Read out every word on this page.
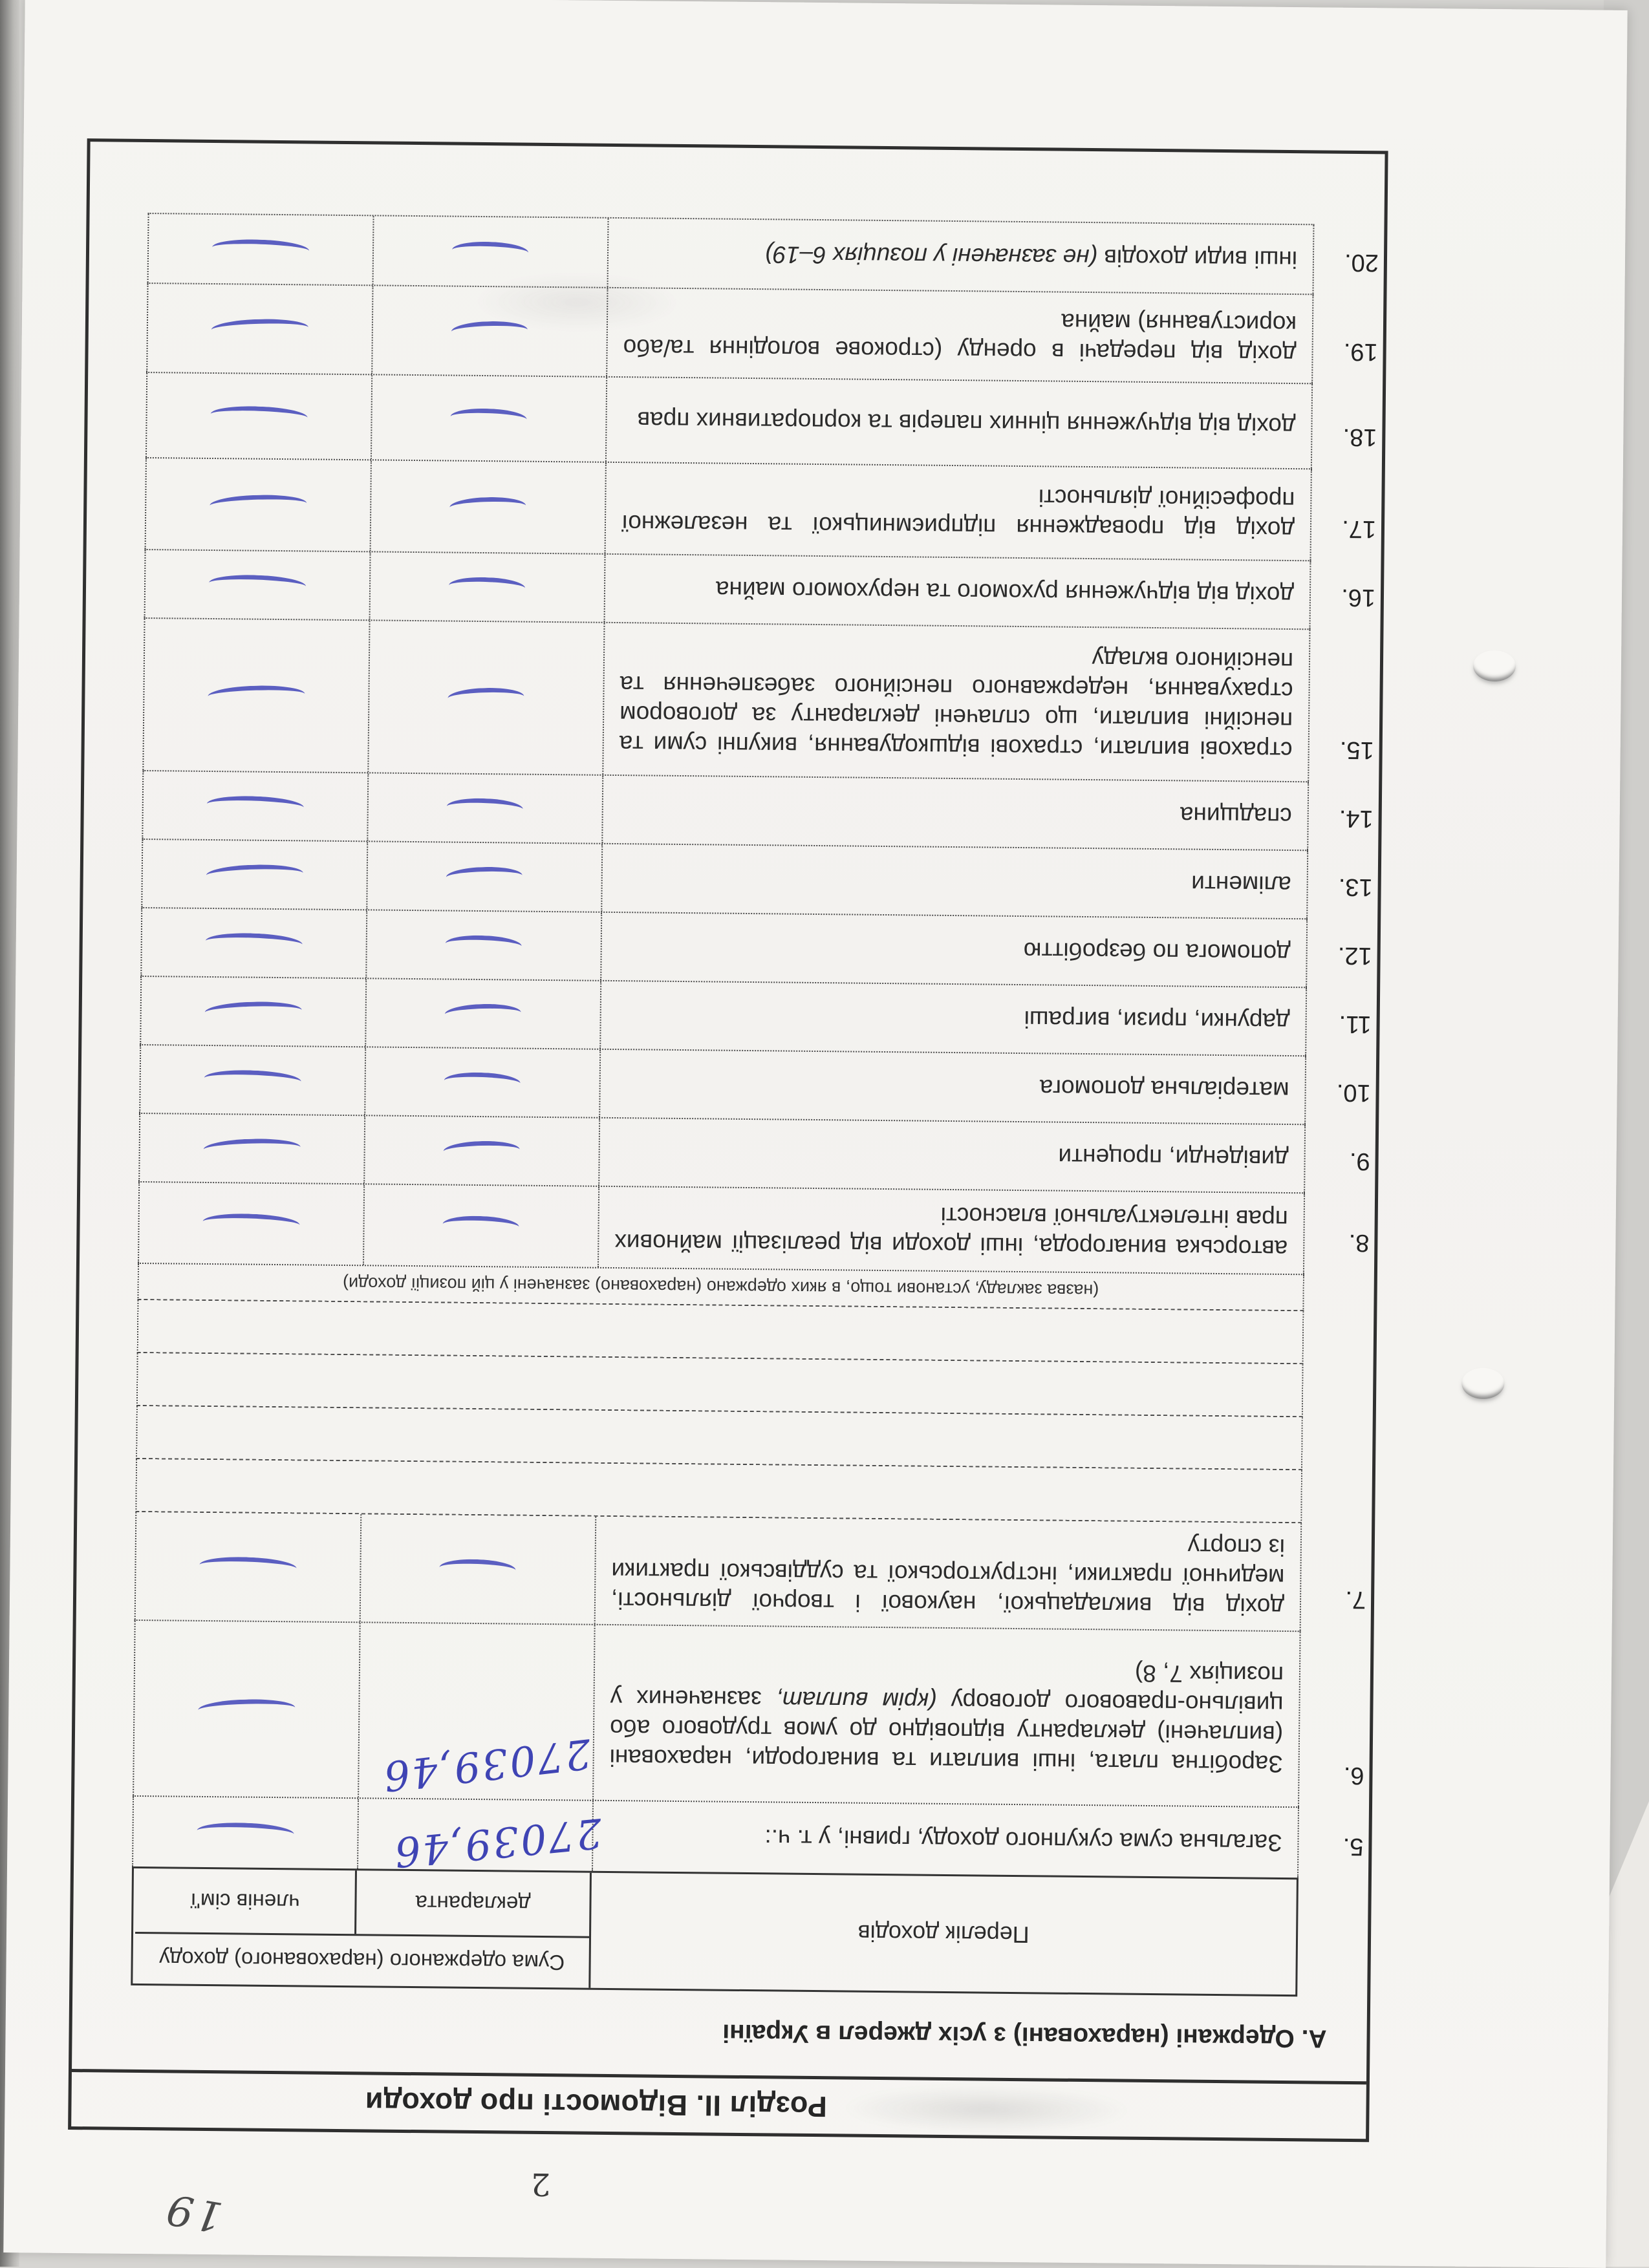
19	2
Розділ II. Відомості про доходи
А. Одержані (нараховані) з усіх джерел в Україні
Перелік доходів
Сума одержаного (нарахованого) доходу
декларанта
членів сім'ї
5.
Загальна сума сукупного доходу, гривні, у т. ч.:
27039,46
6.
Заробітна плата, інші виплати та винагороди, нараховані (виплачені) декларанту відповідно до умов трудового або цивільно-правового договору (крім виплат, зазначених у позиціях 7, 8)
27039,46
7.
дохід від викладацької, наукової і творчої діяльності, медичної практики, інструкторської та суддівської практики із спорту
(назва закладу, установи тощо, в яких одержано (нараховано) зазначені у цій позиції доходи)
8.
авторська винагорода, інші доходи від реалізації майнових прав інтелектуальної власності
9.
дивіденди, проценти
10.
матеріальна допомога
11.
дарунки, призи, виграші
12.
допомога по безробіттю
13.
аліменти
14.
спадщина
15.
страхові виплати, страхові відшкодування, викупні суми та пенсійні виплати, що сплачені декларанту за договором страхування, недержавного пенсійного забезпечення та пенсійного вкладу
16.
дохід від відчуження рухомого та нерухомого майна
17.
дохід від провадження підприємницької та незалежної професійної діяльності
18.
дохід від відчуження цінних паперів та корпоративних прав
19.
дохід від передачі в оренду (строкове володіння та/або користування) майна
20.
інші види доходів (не зазначені у позиціях 6–19)
